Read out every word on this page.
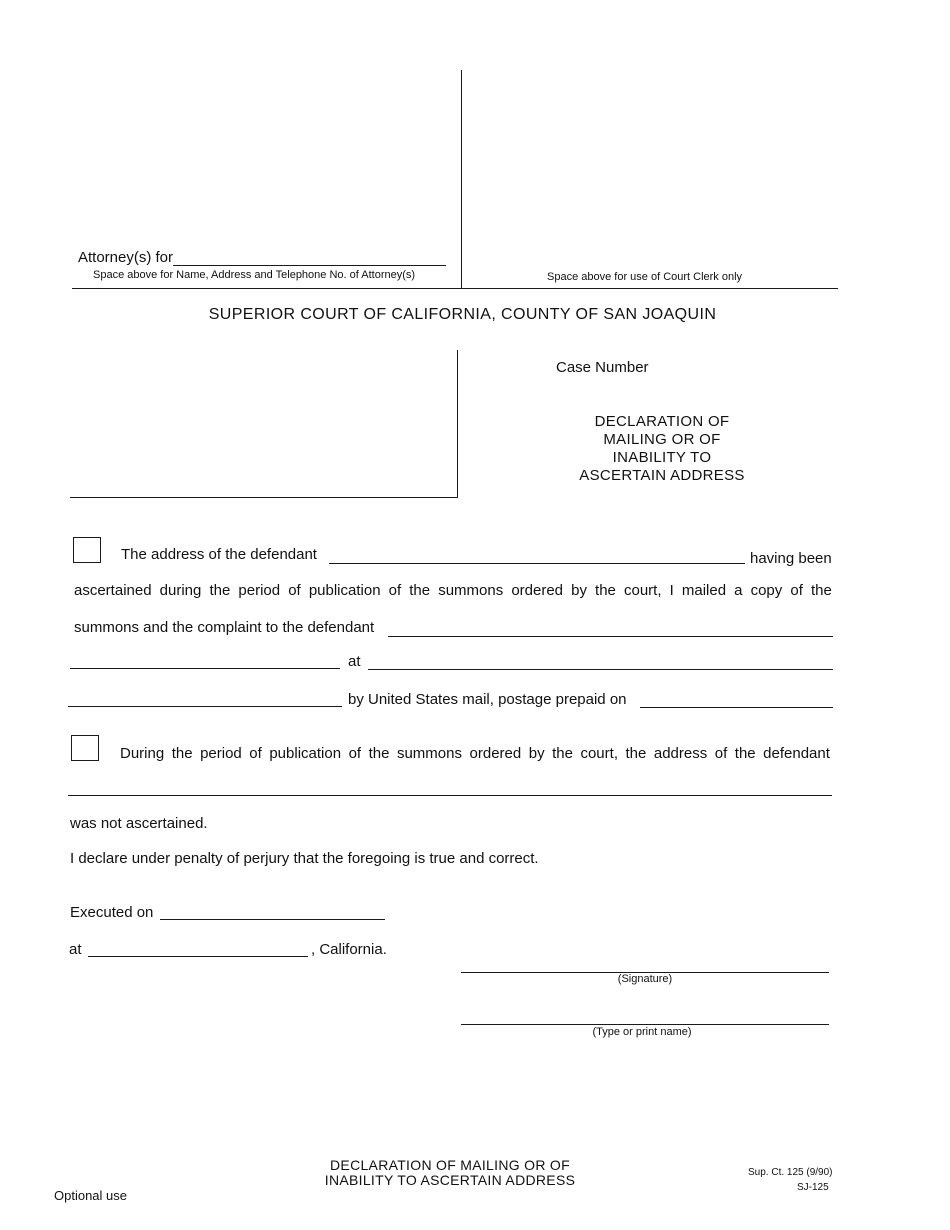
Attorney(s) for
Space above for Name, Address and Telephone No. of Attorney(s)	Space above for use of Court Clerk only
SUPERIOR COURT OF CALIFORNIA, COUNTY OF SAN JOAQUIN
Case Number
DECLARATION OF
MAILING OR OF
INABILITY TO
ASCERTAIN ADDRESS
The address of the defendant	having been
ascertained during the period of publication of the summons ordered by the court, I mailed a copy of the
summons and the complaint to the defendant
at
by United States mail, postage prepaid on
During the period of publication of the summons ordered by the court, the address of the defendant
was not ascertained.
I declare under penalty of perjury that the foregoing is true and correct.
Executed on
at	, California.
(Signature)
(Type or print name)
DECLARATION OF MAILING OR OF
INABILITY TO ASCERTAIN ADDRESS	Sup. Ct. 125 (9/90)
SJ-125
Optional use
